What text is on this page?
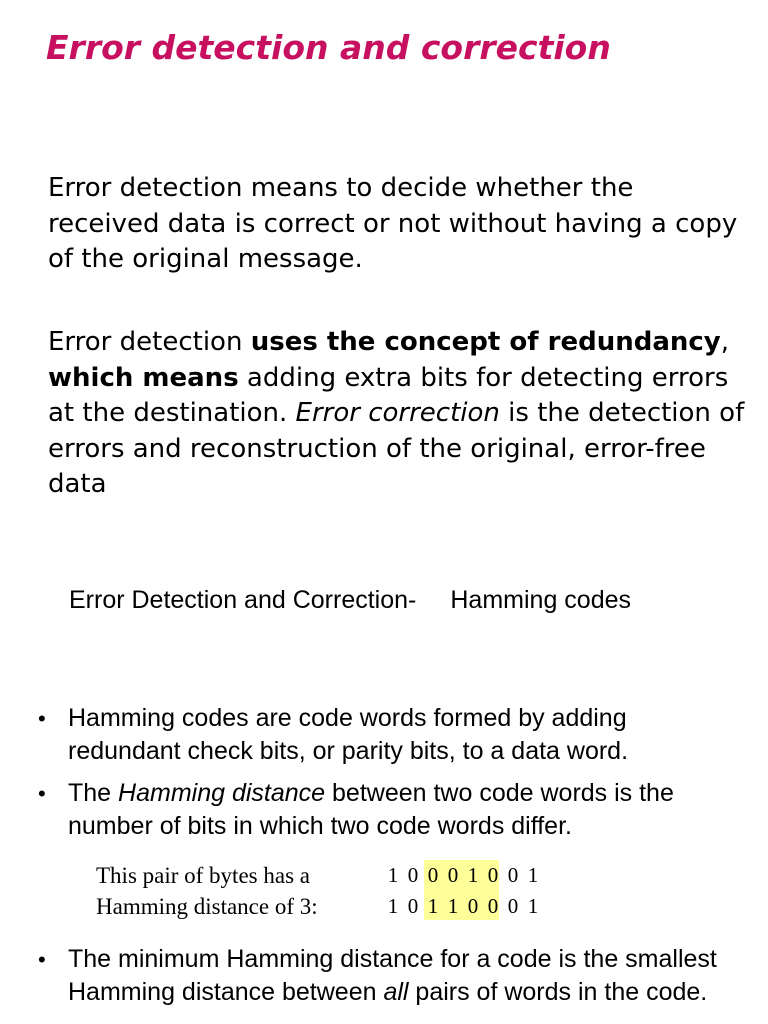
Error detection and correction

Error detection means to decide whether the received data is correct or not without having a copy of the original message.

Error detection uses the concept of redundancy, which means adding extra bits for detecting errors at the destination. Error correction is the detection of errors and reconstruction of the original, error-free data

Error Detection and Correction- Hamming codes

• Hamming codes are code words formed by adding redundant check bits, or parity bits, to a data word.
• The Hamming distance between two code words is the number of bits in which two code words differ.
• The minimum Hamming distance for a code is the smallest Hamming distance between all pairs of words in the code.
This pair of bytes has a
Hamming distance of 3:
1 0 0 0 1 0 0 1
1 0 1 1 0 0 0 1
